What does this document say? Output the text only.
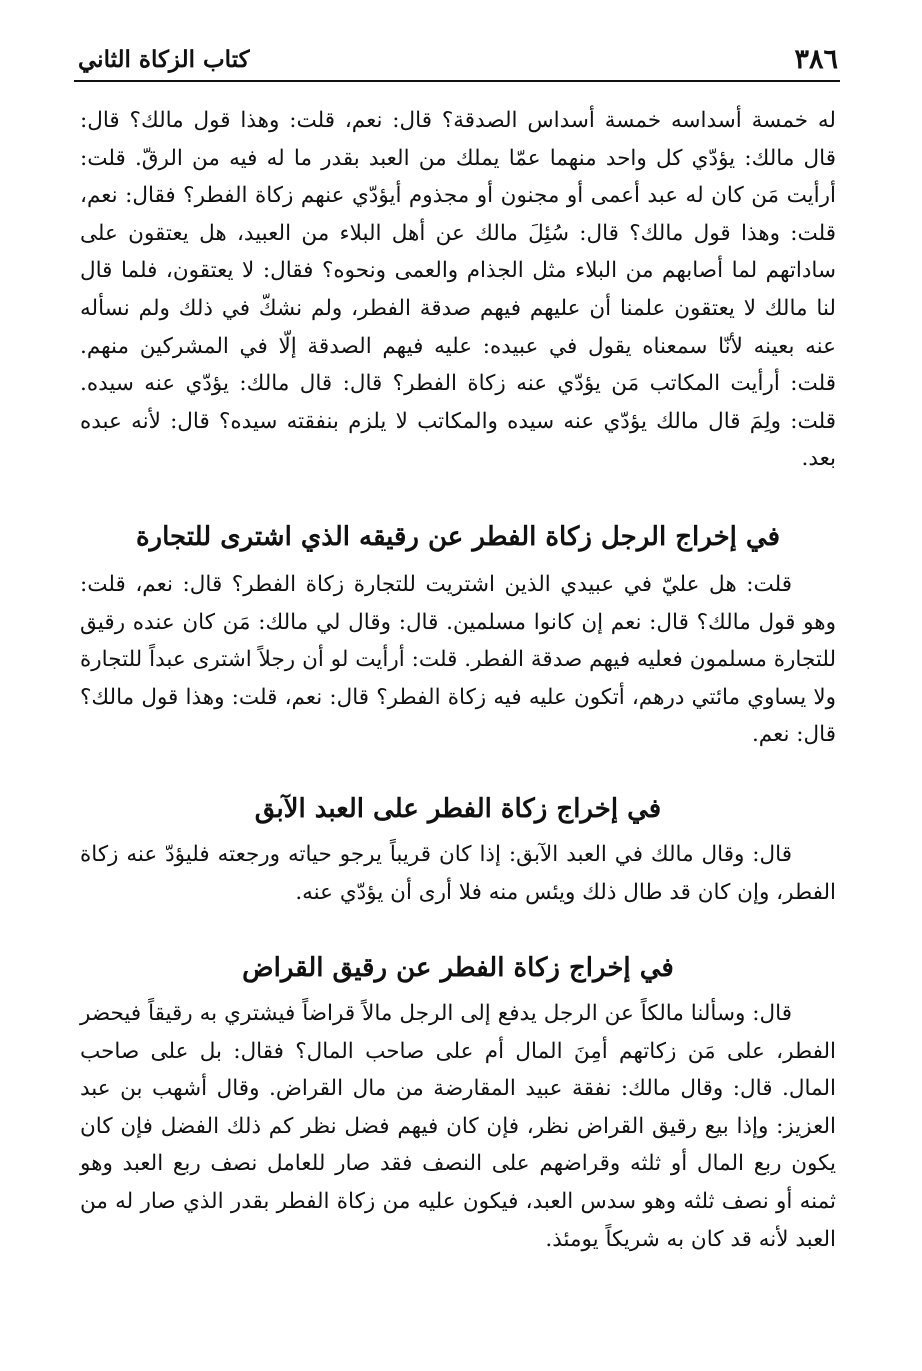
٣٨٦
كتاب الزكاة الثاني

له خمسة أسداسه خمسة أسداس الصدقة؟ قال: نعم، قلت: وهذا قول مالك؟ قال: قال مالك: يؤدّي كل واحد منهما عمّا يملك من العبد بقدر ما له فيه من الرقّ. قلت: أرأيت مَن كان له عبد أعمى أو مجنون أو مجذوم أيؤدّي عنهم زكاة الفطر؟ فقال: نعم، قلت: وهذا قول مالك؟ قال: سُئِلَ مالك عن أهل البلاء من العبيد، هل يعتقون على ساداتهم لما أصابهم من البلاء مثل الجذام والعمى ونحوه؟ فقال: لا يعتقون، فلما قال لنا مالك لا يعتقون علمنا أن عليهم فيهم صدقة الفطر، ولم نشكّ في ذلك ولم نسأله عنه بعينه لأنّا سمعناه يقول في عبيده: عليه فيهم الصدقة إلّا في المشركين منهم. قلت: أرأيت المكاتب مَن يؤدّي عنه زكاة الفطر؟ قال: قال مالك: يؤدّي عنه سيده. قلت: ولِمَ قال مالك يؤدّي عنه سيده والمكاتب لا يلزم بنفقته سيده؟ قال: لأنه عبده بعد.

في إخراج الرجل زكاة الفطر عن رقيقه الذي اشترى للتجارة

قلت: هل عليّ في عبيدي الذين اشتريت للتجارة زكاة الفطر؟ قال: نعم، قلت: وهو قول مالك؟ قال: نعم إن كانوا مسلمين. قال: وقال لي مالك: مَن كان عنده رقيق للتجارة مسلمون فعليه فيهم صدقة الفطر. قلت: أرأيت لو أن رجلاً اشترى عبداً للتجارة ولا يساوي مائتي درهم، أتكون عليه فيه زكاة الفطر؟ قال: نعم، قلت: وهذا قول مالك؟ قال: نعم.

في إخراج زكاة الفطر على العبد الآبق

قال: وقال مالك في العبد الآبق: إذا كان قريباً يرجو حياته ورجعته فليؤدّ عنه زكاة الفطر، وإن كان قد طال ذلك ويئس منه فلا أرى أن يؤدّي عنه.

في إخراج زكاة الفطر عن رقيق القراض

قال: وسألنا مالكاً عن الرجل يدفع إلى الرجل مالاً قراضاً فيشتري به رقيقاً فيحضر الفطر، على مَن زكاتهم أمِنَ المال أم على صاحب المال؟ فقال: بل على صاحب المال. قال: وقال مالك: نفقة عبيد المقارضة من مال القراض. وقال أشهب بن عبد العزيز: وإذا بيع رقيق القراض نظر، فإن كان فيهم فضل نظر كم ذلك الفضل فإن كان يكون ربع المال أو ثلثه وقراضهم على النصف فقد صار للعامل نصف ربع العبد وهو ثمنه أو نصف ثلثه وهو سدس العبد، فيكون عليه من زكاة الفطر بقدر الذي صار له من العبد لأنه قد كان به شريكاً يومئذ.
